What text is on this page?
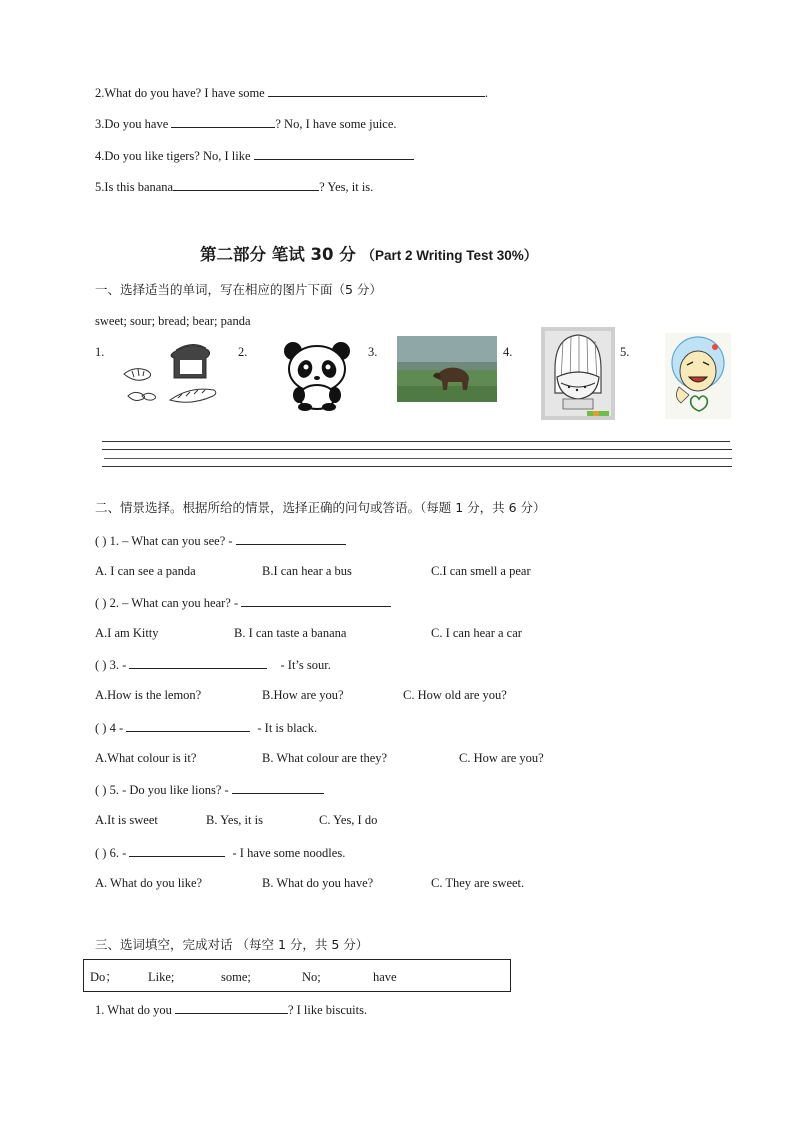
2.What do you have? I have some	.
3.Do you have	? No, I have some juice.
4.Do you like tigers? No, I like
5.Is this banana	? Yes, it is.
第二部分 笔试 30 分 （Part 2 Writing Test 30%）
一、选择适当的单词，写在相应的图片下面（5 分）
sweet; sour; bread; bear; panda
1.	2.	3.	4.	5.
二、情景选择。根据所给的情景，选择正确的问句或答语。（每题 1 分，共 6 分）
( ) 1. – What can you see? -
A. I can see a panda	B.I can hear a bus	C.I can smell a pear
( ) 2. – What can you hear? -
A.I am Kitty	B. I can taste a banana	C. I can hear a car
( ) 3. -	- It’s sour.
A.How is the lemon?	B.How are you?	C. How old are you?
( ) 4 -	- It is black.
A.What colour is it?	B. What colour are they?	C. How are you?
( ) 5. - Do you like lions? -
A.It is sweet	B. Yes, it is	C. Yes, I do
( ) 6. -	- I have some noodles.
A. What do you like?	B. What do you have?	C. They are sweet.
三、选词填空，完成对话 （每空 1 分，共 5 分）
Do； Like;	some;	No;	have
1. What do you	? I like biscuits.
